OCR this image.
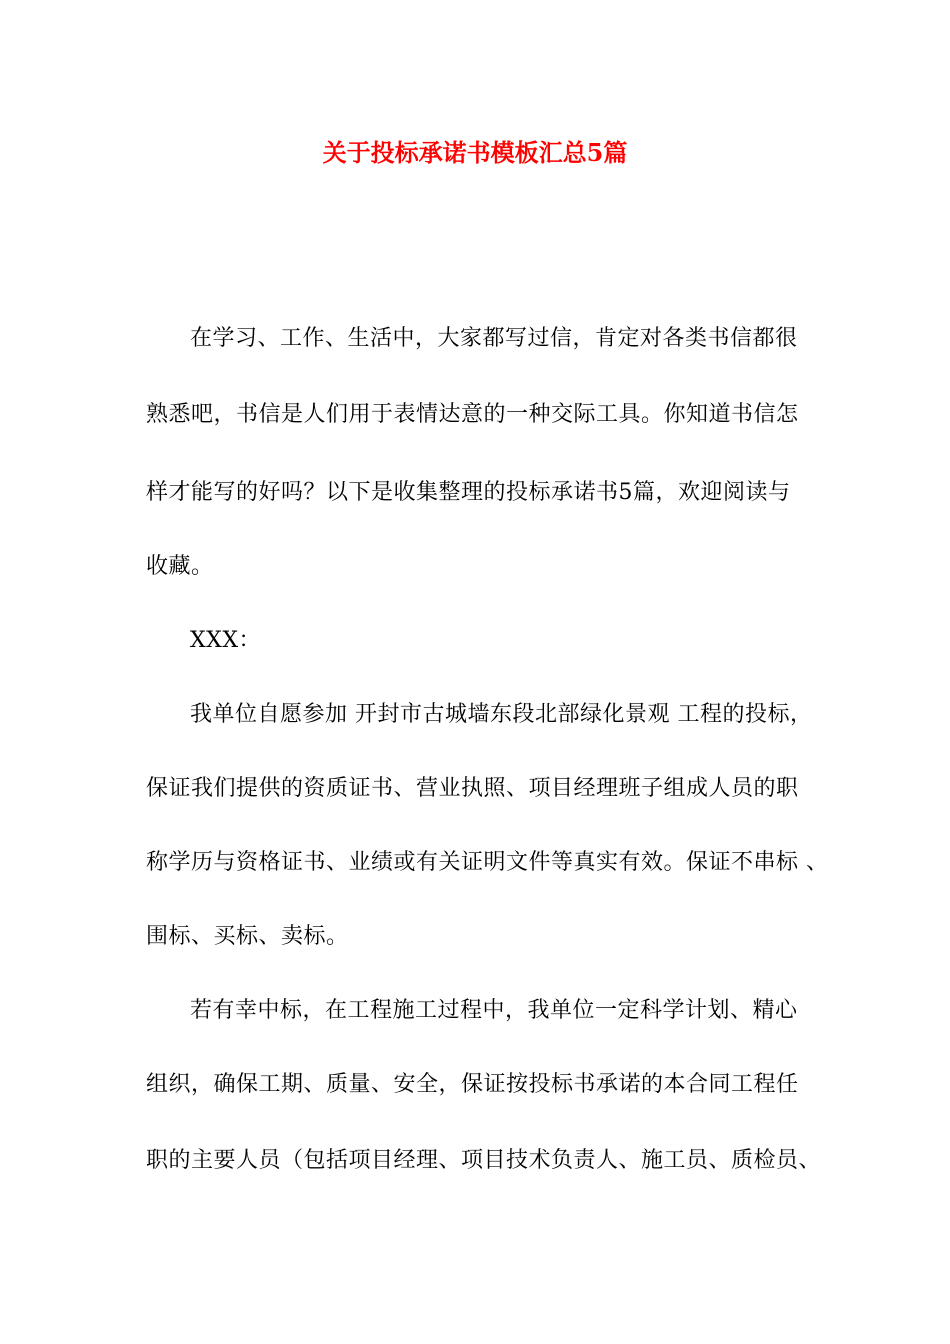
关于投标承诺书模板汇总5篇
在学习、工作、生活中，大家都写过信，肯定对各类书信都很
熟悉吧，书信是人们用于表情达意的一种交际工具。你知道书信怎
样才能写的好吗？以下是收集整理的投标承诺书5篇，欢迎阅读与
收藏。
XXX：
我单位自愿参加 开封市古城墙东段北部绿化景观 工程的投标，
保证我们提供的资质证书、营业执照、项目经理班子组成人员的职
称学历与资格证书、业绩或有关证明文件等真实有效。保证不串标 、
围标、买标、卖标。
若有幸中标，在工程施工过程中，我单位一定科学计划、精心
组织，确保工期、质量、安全，保证按投标书承诺的本合同工程任
职的主要人员（包括项目经理、项目技术负责人、施工员、质检员、
